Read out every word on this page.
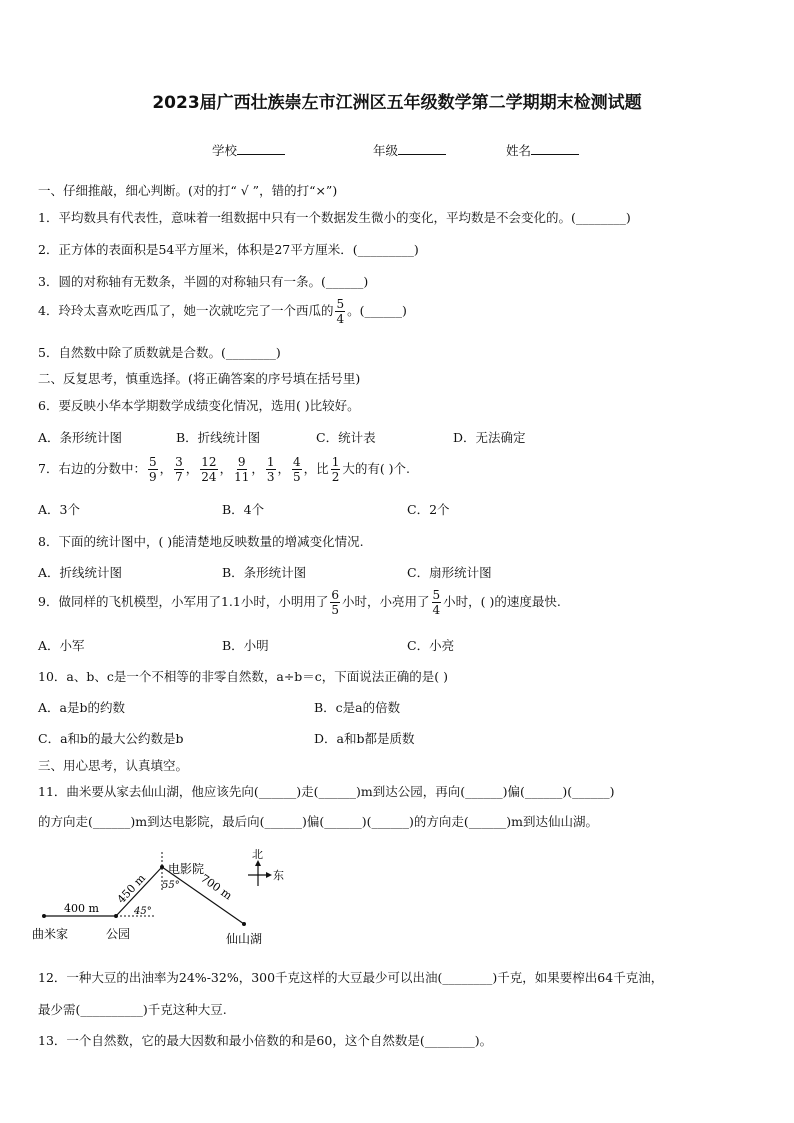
2023届广西壮族崇左市江洲区五年级数学第二学期期末检测试题
学校	年级	姓名
一、仔细推敲，细心判断。(对的打“ √ ”，错的打“×”)
1．平均数具有代表性，意味着一组数据中只有一个数据发生微小的变化，平均数是不会变化的。(________)
2．正方体的表面积是54平方厘米，体积是27平方厘米．(_________)
3．圆的对称轴有无数条，半圆的对称轴只有一条。(______)
4．玲玲太喜欢吃西瓜了，她一次就吃完了一个西瓜的 $\frac{5}{4}$ 。(______)
5．自然数中除了质数就是合数。(________)
二、反复思考，慎重选择。(将正确答案的序号填在括号里)
6．要反映小华本学期数学成绩变化情况，选用( )比较好。
A．条形统计图	B．折线统计图	C．统计表	D．无法确定
7．右边的分数中： $\frac{5}{9}$ ， $\frac{3}{7}$ ， $\frac{12}{24}$ ， $\frac{9}{11}$ ， $\frac{1}{3}$ ， $\frac{4}{5}$ ，比 $\frac{1}{2}$ 大的有( )个.
A．3个	B．4个	C．2个
8．下面的统计图中，( )能清楚地反映数量的增减变化情况.
A．折线统计图	B．条形统计图	C．扇形统计图
9．做同样的飞机模型，小军用了1.1小时，小明用了 $\frac{6}{5}$ 小时，小亮用了 $\frac{5}{4}$ 小时，( )的速度最快.
A．小军	B．小明	C．小亮
10．a、b、c是一个不相等的非零自然数，a÷b＝c，下面说法正确的是( )
A．a是b的约数	B．c是a的倍数
C．a和b的最大公约数是b	D．a和b都是质数
三、用心思考，认真填空。
11．曲米要从家去仙山湖，他应该先向(______)走(______)m到达公园，再向(______)偏(______)(______)
的方向走(______)m到达电影院，最后向(______)偏(______)(______)的方向走(______)m到达仙山湖。
曲米家	公园
电影院
仙山湖
400 m
450 m	700 m
45°
55°
北
东
12．一种大豆的出油率为24%-32%，300千克这样的大豆最少可以出油(________)千克，如果要榨出64千克油，
最少需(__________)千克这种大豆.
13．一个自然数，它的最大因数和最小倍数的和是60，这个自然数是(________)。
